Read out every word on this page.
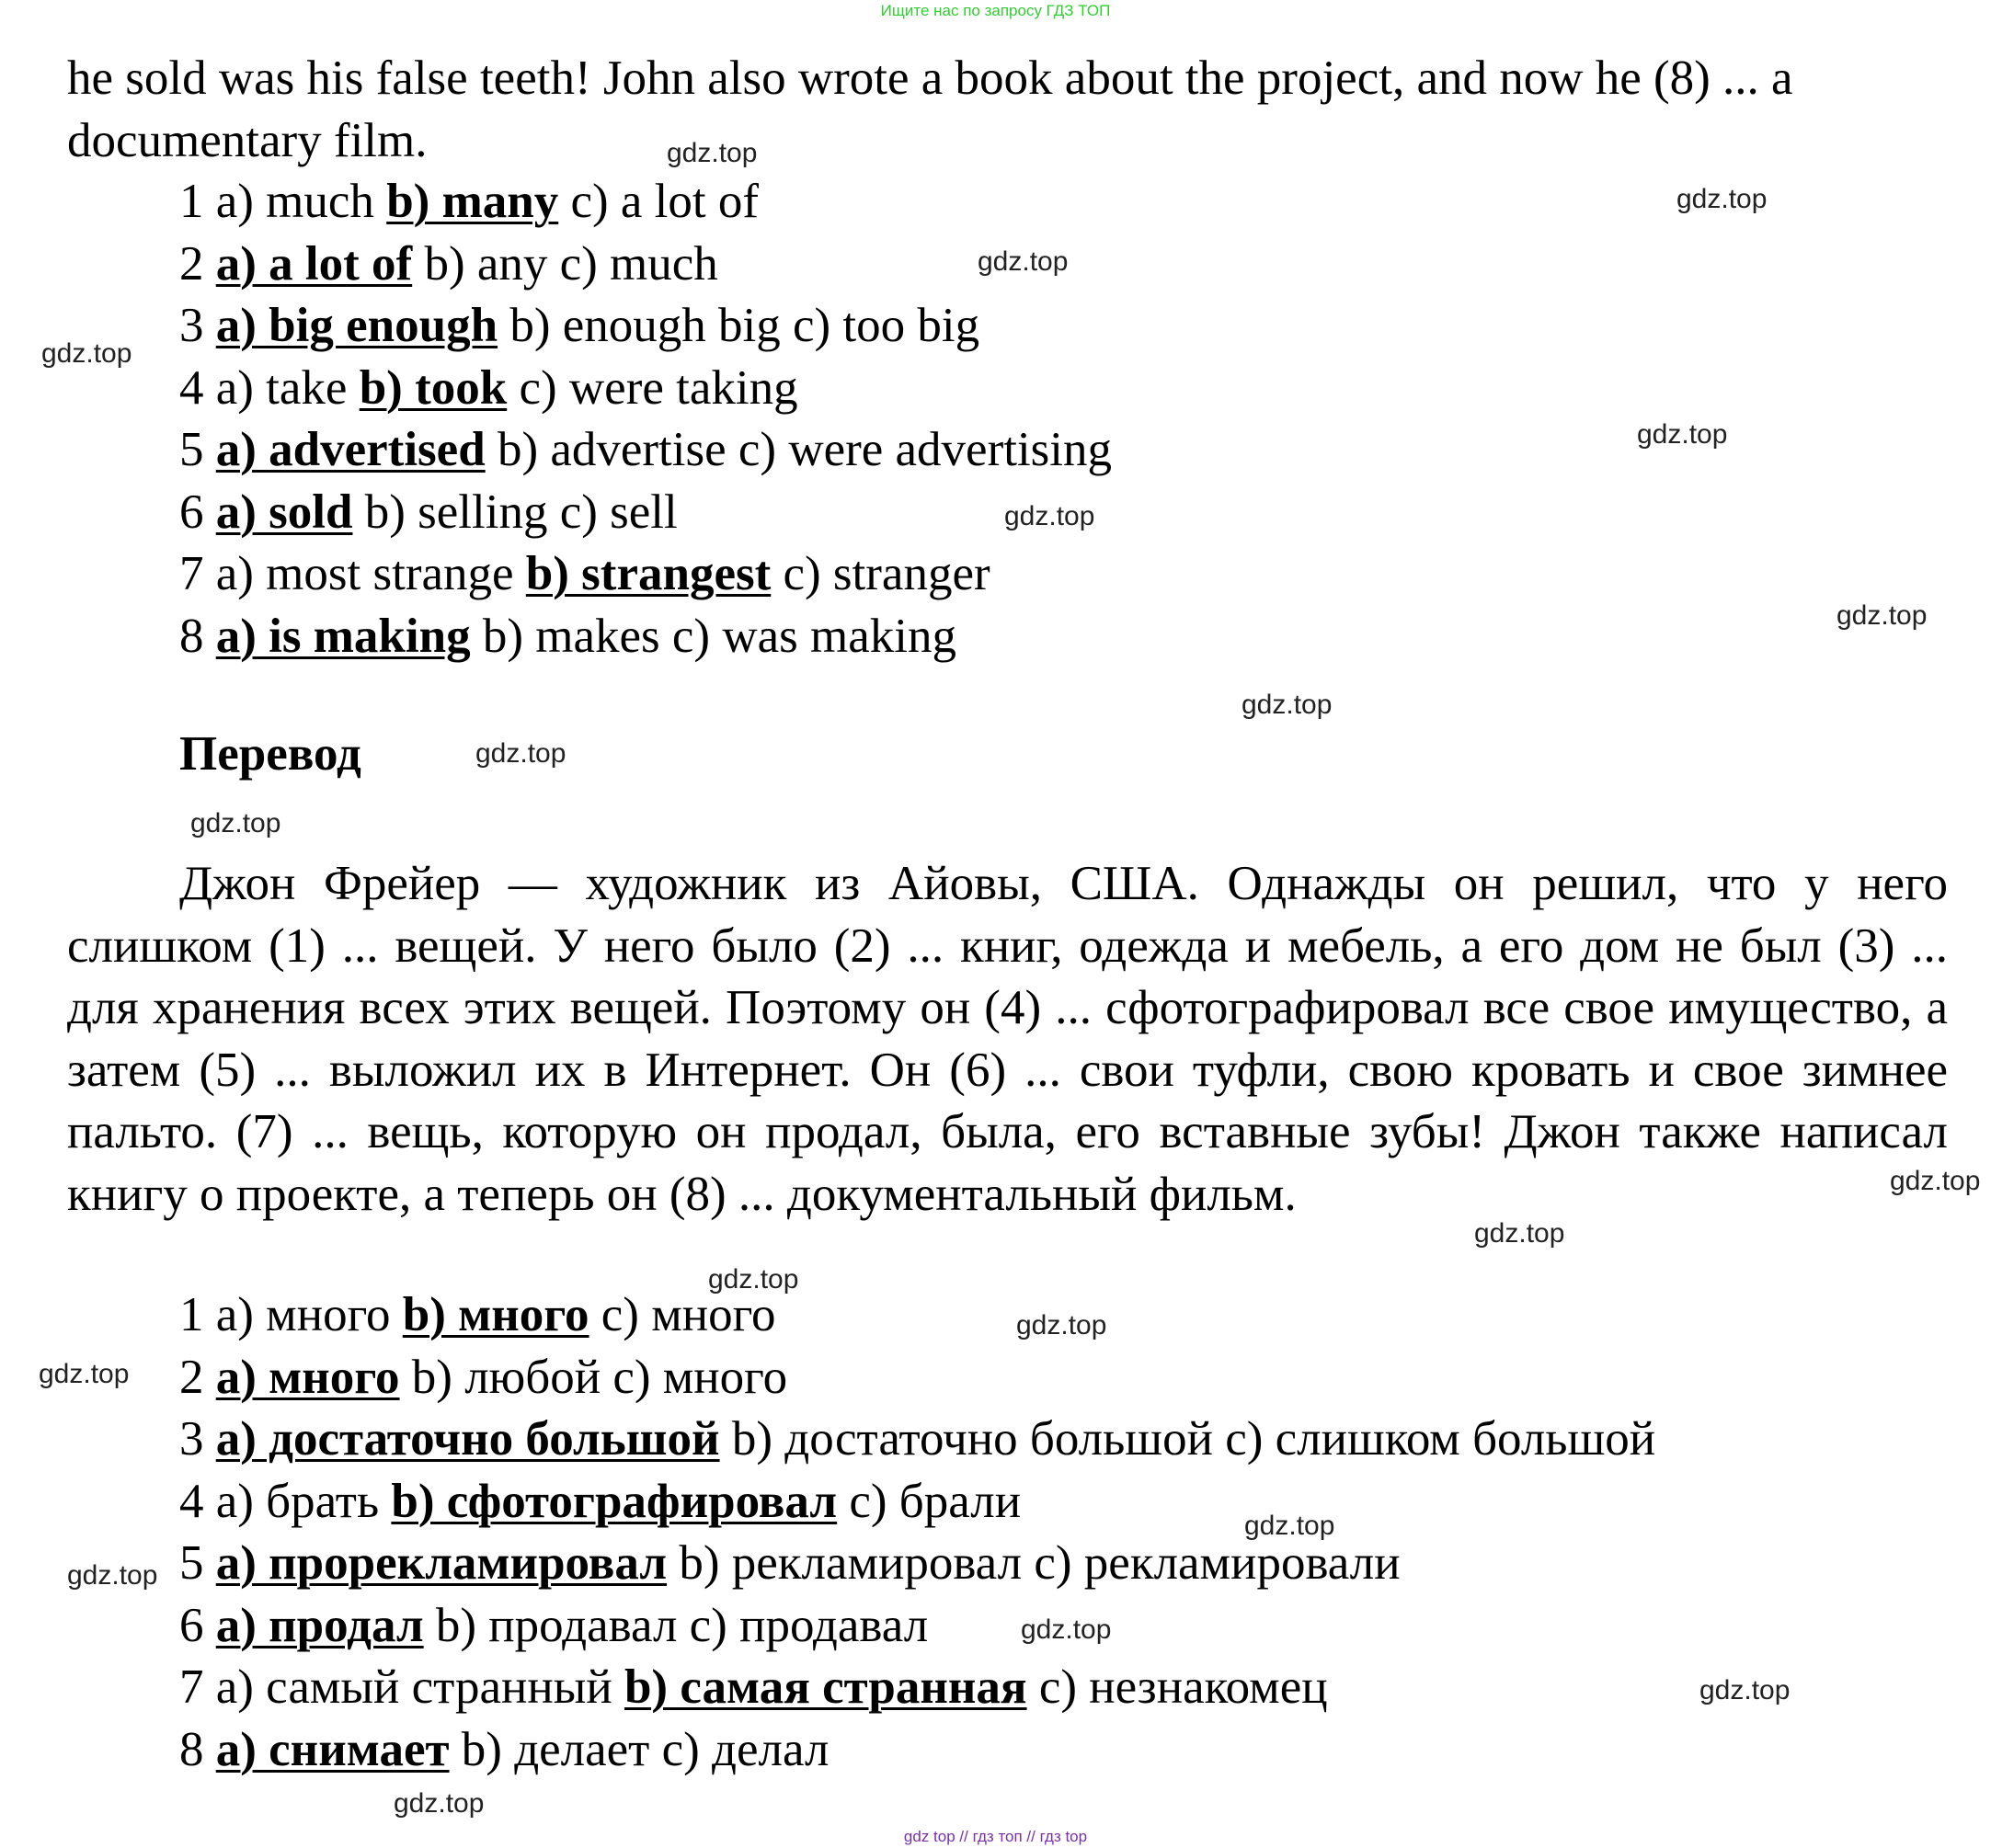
Ищите нас по запросу ГДЗ ТОП
he sold was his false teeth! John also wrote a book about the project, and now he (8) ... a documentary film.
1 a) much b) many c) a lot of
2 a) a lot of b) any c) much
3 a) big enough b) enough big c) too big
4 a) take b) took c) were taking
5 a) advertised b) advertise c) were advertising
6 a) sold b) selling c) sell
7 a) most strange b) strangest c) stranger
8 a) is making b) makes c) was making
Перевод
Джон Фрейер — художник из Айовы, США. Однажды он решил, что у него слишком (1) ... вещей. У него было (2) ... книг, одежда и мебель, а его дом не был (3) ... для хранения всех этих вещей. Поэтому он (4) ... сфотографировал все свое имущество, а затем (5) ... выложил их в Интернет. Он (6) ... свои туфли, свою кровать и свое зимнее пальто. (7) ... вещь, которую он продал, была, его вставные зубы! Джон также написал книгу о проекте, а теперь он (8) ... документальный фильм.
1 a) много b) много c) много
2 a) много b) любой c) много
3 a) достаточно большой b) достаточно большой c) слишком большой
4 a) брать b) сфотографировал c) брали
5 a) прорекламировал b) рекламировал c) рекламировали
6 a) продал b) продавал c) продавал
7 a) самый странный b) самая странная c) незнакомец
8 a) снимает b) делает c) делал
gdz.top
gdz.top
gdz.top
gdz.top
gdz.top
gdz.top
gdz.top
gdz.top
gdz.top
gdz.top
gdz.top
gdz.top
gdz.top
gdz.top
gdz.top
gdz.top
gdz.top
gdz.top
gdz.top
gdz.top
gdz top // гдз топ // гдз top
